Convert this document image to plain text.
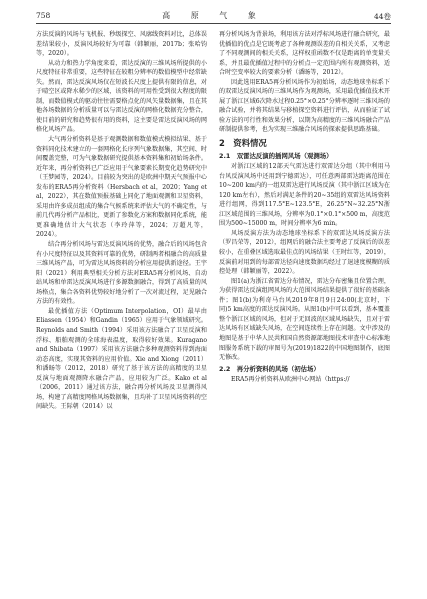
758	高 原 气 象	44卷

方法反演的风场与飞机报、秒级探空、风廓线资料对比，总体误差结果较小，反演风场较好为可靠（韩颖丽，2017b；张哈钧等，2020）。

从动力和热力学角度来看，雷达反演的三维风场所提供的小尺度特征非常重要，这些特征在较粗分辨率的数值模型中经常缺失。然而，雷达反演风场仅在短波长尺度上提供有限的信息，对于晴空区或降水稀少的区域，该资料的可用性受到很大程度的限制，而数值模式的驱动往往需要格点化的风矢量数据集，且在其他各场数据的分析质量可以与雷达反演的网格化数据充分整合，使目前的研究和趋势很有用的资料，这主要是雷达反演风场的网格化风场产品。

大气再分析资料是基于观测数据和数值模式模拟结果、基于资料同化技术建立的一套网格化长序列气象数据集，其空间、时间覆盖完整，可为气象数据研究提供基本资料集和初始场条件。近年来，再分析资料已广泛应用于气象要素长期变化趋势研究中（王梦园等，2024）。目前较为突出的是欧洲中期天气预报中心发布的ERA5再分析资料（Hersbach et al，2020；Yang et al，2022），其在数值预报基础上同化了地面观测和卫星资料，采用由许多成员组成的集合气候系统来评估大气的不确定性，与前几代再分析产品相比，更新了参数化方案和数据同化系统，能更准确地估计大气状态（李玲萍等，2024；万超凡等，2024）。

结合再分析风场与雷达反演风场的优势，融合后的风场包含有小尺度特征以及其资料可靠的优势，研制两者相融合的高质量三维风场产品，可为雷达风场资料的分析应用提供新途径。王宇阳（2021）利用典型相关分析方法对ERA5再分析风场、自动站风场和单雷达反演风场进行多源数据融合，得到了高质量的风场格点，集合各资料优势较好地分析了一次对流过程，足见融合方法的有效性。

最优插值方法（Optimum Interpolation，OI）最早由Eliassen（1954）和Gandin（1965）应用于气象领域研究。Reynolds and Smith（1994）采用该方法融合了卫星反演和浮标、船舶观测的全球海表温度，取得较好效果。Kuragano and Shibata（1997）采用该方法融合多种观测资料得到海面动态高度，实现其资料的应用价值。Xie and Xiong（2011）和潘旸等（2012，2018）研究了基于该方法的高精度的卫星反演与地面观测降水融合产品，应用较为广泛。Kako et al（2006，2011）通过该方法，融合再分析风场及卫星测得风场，构建了高精度网格风场数据集，且均补了卫星风场资料的空间缺失。王际朝（2014）以

再分析风场为背景场，利用该方法对浮标风场进行融合研究，最优插值的优点是它既考虑了各种观测误差的自相关关系，又考虑了不同观测间的相关关系，这样权重函数不仅是距离的单变量关系，并且最优插值过程中的分析点一定范围内所有观测资料，适合时空变率较大的要素分析（潘旸等，2012）。

因此选用ERA5再分析风场作为初始场，动态地球坐标系下的双雷达反演风场的三维风场作为观测场，采用最优插值技术开展了浙江区域6次降水过程0.25°×0.25°分辨率逐时三维风场的融合试验，并将其结果与移植探空资料进行评估，从而验证了试验方法的可行性和效果分析，以期为高精度的三维风场融合产品研制提供参考，也为实现三维融合风场的探索提供思路基础。

2　资料情况
2.1　双雷达反演的插网风场（观测场）

对浙江区域的12部天气雷达进行双雷达分组（其中利用马台风反演风场中还用到宁德雷达），可任意两部雷达距离范围在10~200 km内的一组双雷达进行风场反演（其中浙江区域为在120 km左右），然后对满足条件的20~35组的双雷达风场资料进行组网，得到117.5°E~123.5°E，26.25°N~32.25°N浙江区域范围的三维风场，分辨率为0.1°×0.1°×500 m，高度范围为500~15000 m，时间分辨率为6 min。

风场反演方法为动态地球坐标系下的双雷达风场反演方法（罗昌荣等，2012），组网后的融合法主要考虑了反演后的误差较小，在重叠区域选取最佳点的风场结果（王时红等，2019），反演前对用到的每部雷达径向速度数据均经过了退速度模糊的质控处理（韩颖丽等，2022）。

图1(a)为浙江省雷达分布情况，雷达分布密集且位置合理，为获得雷达反演组网风场的大范围风场结果提供了很好的基础条件；图1(b)为利奇马台风2019年8月9日24:00(北京时，下同)5 km高度的雷达反演风场。从图1(b)中可以看到，基本覆盖整个浙江区域的风场，但对于无回波的区域风场缺失，且对于雷达风场有区域缺失风场，在空间连续性上存在问题。文中涉及的地图是基于中华人民共和国自然资源部地图技术审查中心标准地图服务系统下载的审图号为(2019)1822的中国地图制作，底图无修改。

2.2　再分析资料的风场（初估场）

ERA5再分析资料从欧洲中心网站（https://
